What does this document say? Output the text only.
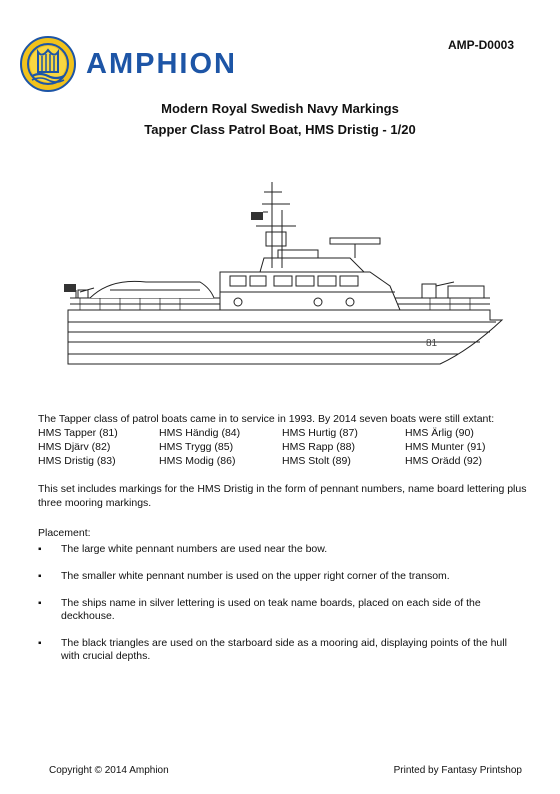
AMPHION
AMP-D0003
Modern Royal Swedish Navy Markings
Tapper Class Patrol Boat, HMS Dristig - 1/20
81
The Tapper class of patrol boats came in to service in 1993. By 2014 seven boats were still extant:
HMS Tapper (81)	HMS Händig (84)	HMS Hurtig (87)	HMS Ärlig (90)
HMS Djärv (82)	HMS Trygg (85)	HMS Rapp (88)	HMS Munter (91)
HMS Dristig (83)	HMS Modig (86)	HMS Stolt (89)	HMS Orädd (92)
This set includes markings for the HMS Dristig in the form of pennant numbers, name board lettering plus three mooring markings.
Placement:
▪ The large white pennant numbers are used near the bow.
▪ The smaller white pennant number is used on the upper right corner of the transom.
▪ The ships name in silver lettering is used on teak name boards, placed on each side of the deckhouse.
▪ The black triangles are used on the starboard side as a mooring aid, displaying points of the hull with crucial depths.
Copyright © 2014 Amphion	Printed by Fantasy Printshop
